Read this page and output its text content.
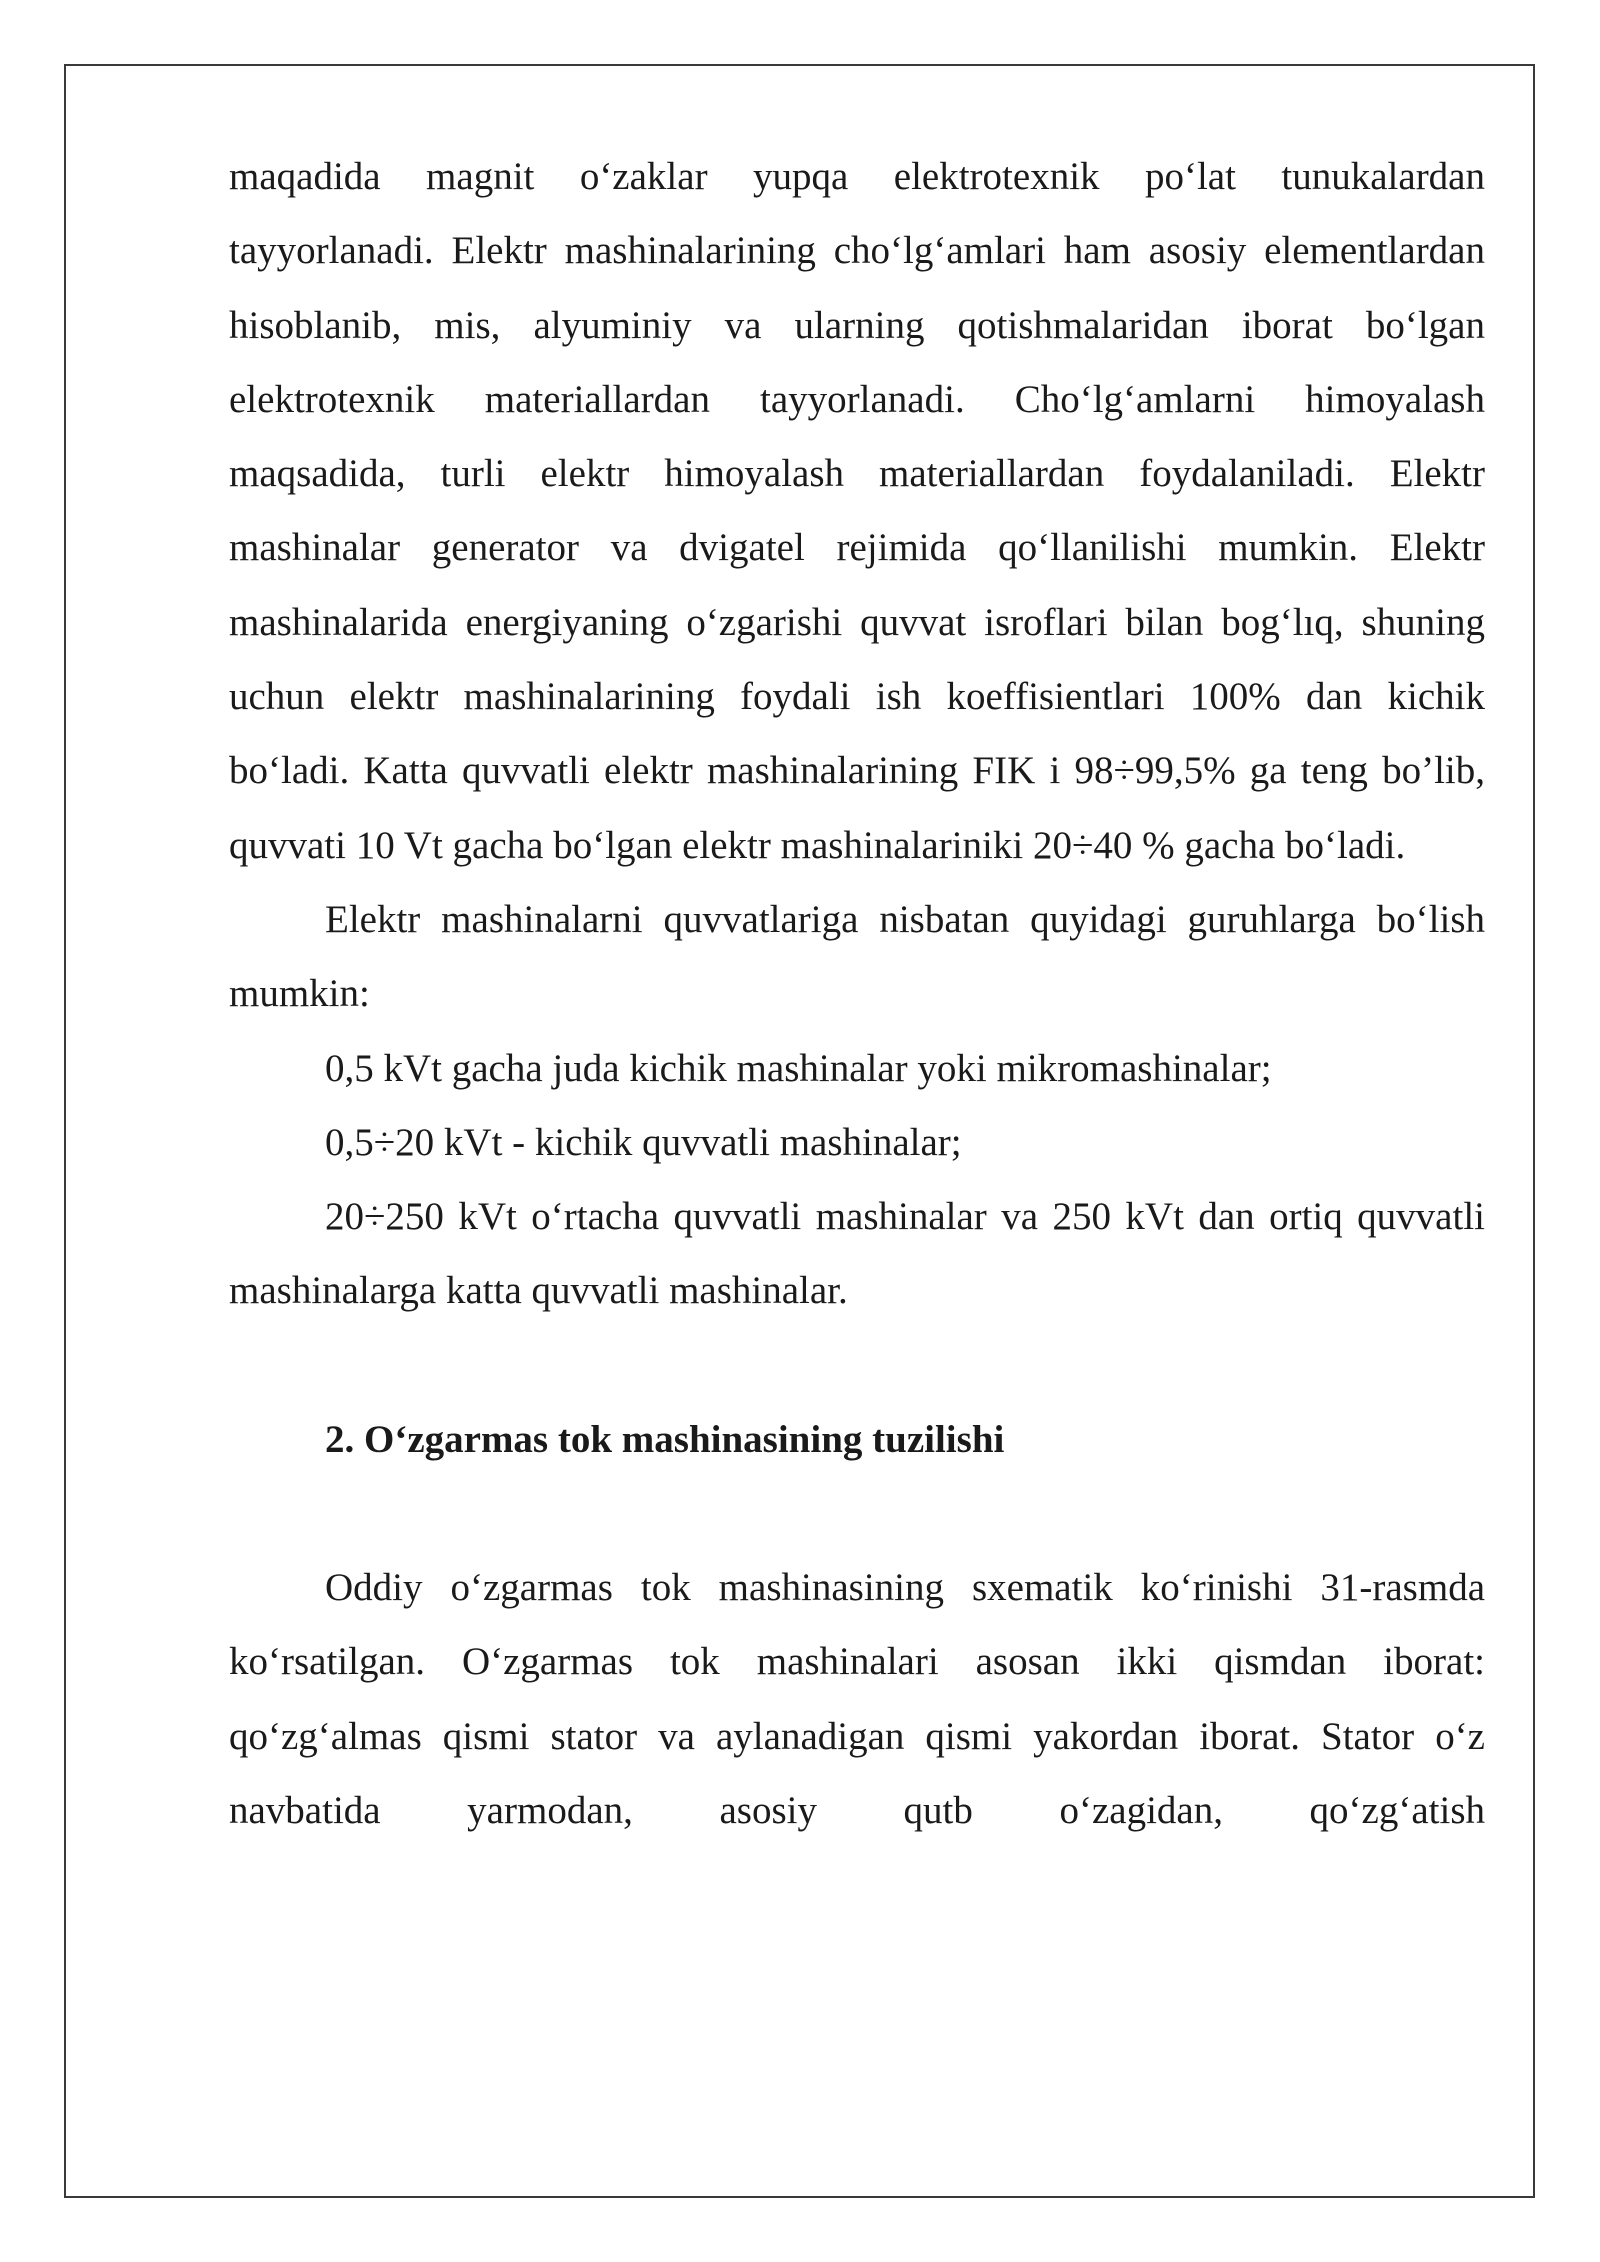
maqadida magnit o‘zaklar yupqa elektrotexnik po‘lat tunukalardan tayyorlanadi. Elektr mashinalarining cho‘lg‘amlari ham asosiy elementlardan hisoblanib, mis, alyuminiy va ularning qotishmalaridan iborat bo‘lgan elektrotexnik materiallardan tayyorlanadi. Cho‘lg‘amlarni himoyalash maqsadida, turli elektr himoyalash materiallardan foydalaniladi. Elektr mashinalar generator va dvigatel rejimida qo‘llanilishi mumkin. Elektr mashinalarida energiyaning o‘zgarishi quvvat isroflari bilan bog‘lıq, shuning uchun elektr mashinalarining foydali ish koeffisientlari 100% dan kichik bo‘ladi. Katta quvvatli elektr mashinalarining FIK i 98÷99,5% ga teng bo’lib, quvvati 10 Vt gacha bo‘lgan elektr mashinalariniki 20÷40 % gacha bo‘ladi.

Elektr mashinalarni quvvatlariga nisbatan quyidagi guruhlarga bo‘lish mumkin:

0,5 kVt gacha juda kichik mashinalar yoki mikromashinalar;

0,5÷20 kVt - kichik quvvatli mashinalar;

20÷250 kVt o‘rtacha quvvatli mashinalar va 250 kVt dan ortiq quvvatli mashinalarga katta quvvatli mashinalar.

2. O‘zgarmas tok mashinasining tuzilishi

Oddiy o‘zgarmas tok mashinasining sxematik ko‘rinishi 31-rasmda ko‘rsatilgan. O‘zgarmas tok mashinalari asosan ikki qismdan iborat: qo‘zg‘almas qismi stator va aylanadigan qismi yakordan iborat. Stator o‘z navbatida yarmodan, asosiy qutb o‘zagidan, qo‘zg‘atish
